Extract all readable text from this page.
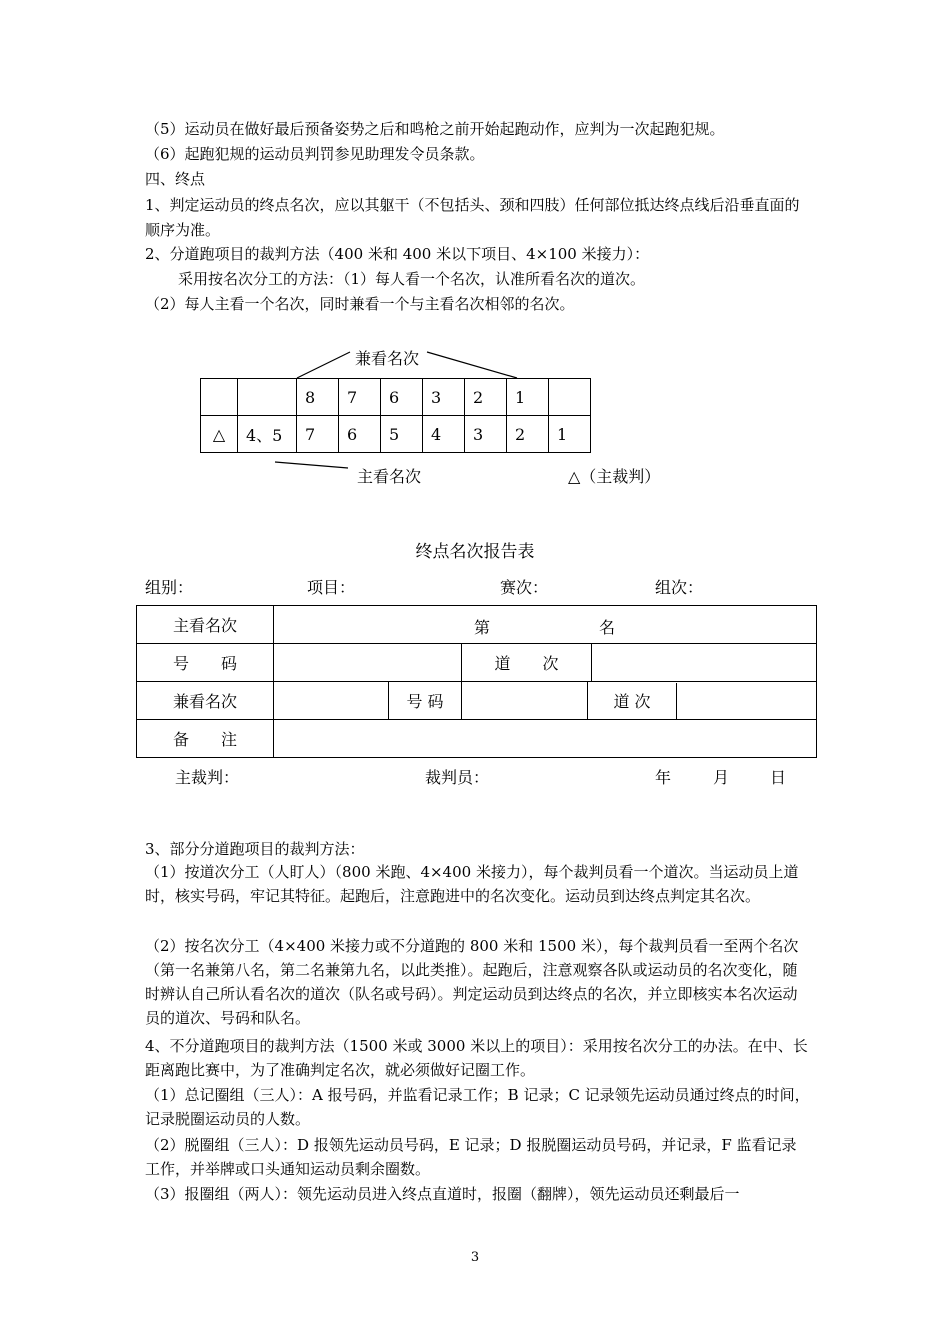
（5）运动员在做好最后预备姿势之后和鸣枪之前开始起跑动作，应判为一次起跑犯规。
（6）起跑犯规的运动员判罚参见助理发令员条款。
四、终点
1、判定运动员的终点名次，应以其躯干（不包括头、颈和四肢）任何部位抵达终点线后沿垂直面的顺序为准。
2、分道跑项目的裁判方法（400 米和 400 米以下项目、4×100 米接力）：
采用按名次分工的方法：（1）每人看一个名次，认准所看名次的道次。
（2）每人主看一个名次，同时兼看一个与主看名次相邻的名次。
兼看名次
		8	7	6	3	2	1	
△	4、5	7	6	5	4	3	2	1
主看名次	△（主裁判）
终点名次报告表
组别：	项目：	赛次：	组次：
主看名次	第 名				

号　　码			道　　次		
兼看名次		号 码		道 次	

备　　注					
主裁判：	裁判员：	年	月	日
3、部分分道跑项目的裁判方法：
（1）按道次分工（人盯人）（800 米跑、4×400 米接力），每个裁判员看一个道次。当运动员上道时，核实号码，牢记其特征。起跑后，注意跑进中的名次变化。运动员到达终点判定其名次。
（2）按名次分工（4×400 米接力或不分道跑的 800 米和 1500 米），每个裁判员看一至两个名次（第一名兼第八名，第二名兼第九名，以此类推）。起跑后，注意观察各队或运动员的名次变化，随时辨认自己所认看名次的道次（队名或号码）。判定运动员到达终点的名次，并立即核实本名次运动员的道次、号码和队名。
4、不分道跑项目的裁判方法（1500 米或 3000 米以上的项目）：采用按名次分工的办法。在中、长距离跑比赛中，为了准确判定名次，就必须做好记圈工作。
（1）总记圈组（三人）：A 报号码，并监看记录工作；B 记录；C 记录领先运动员通过终点的时间，记录脱圈运动员的人数。
（2）脱圈组（三人）：D 报领先运动员号码，E 记录；D 报脱圈运动员号码，并记录，F 监看记录工作，并举牌或口头通知运动员剩余圈数。
（3）报圈组（两人）：领先运动员进入终点直道时，报圈（翻牌），领先运动员还剩最后一
3
